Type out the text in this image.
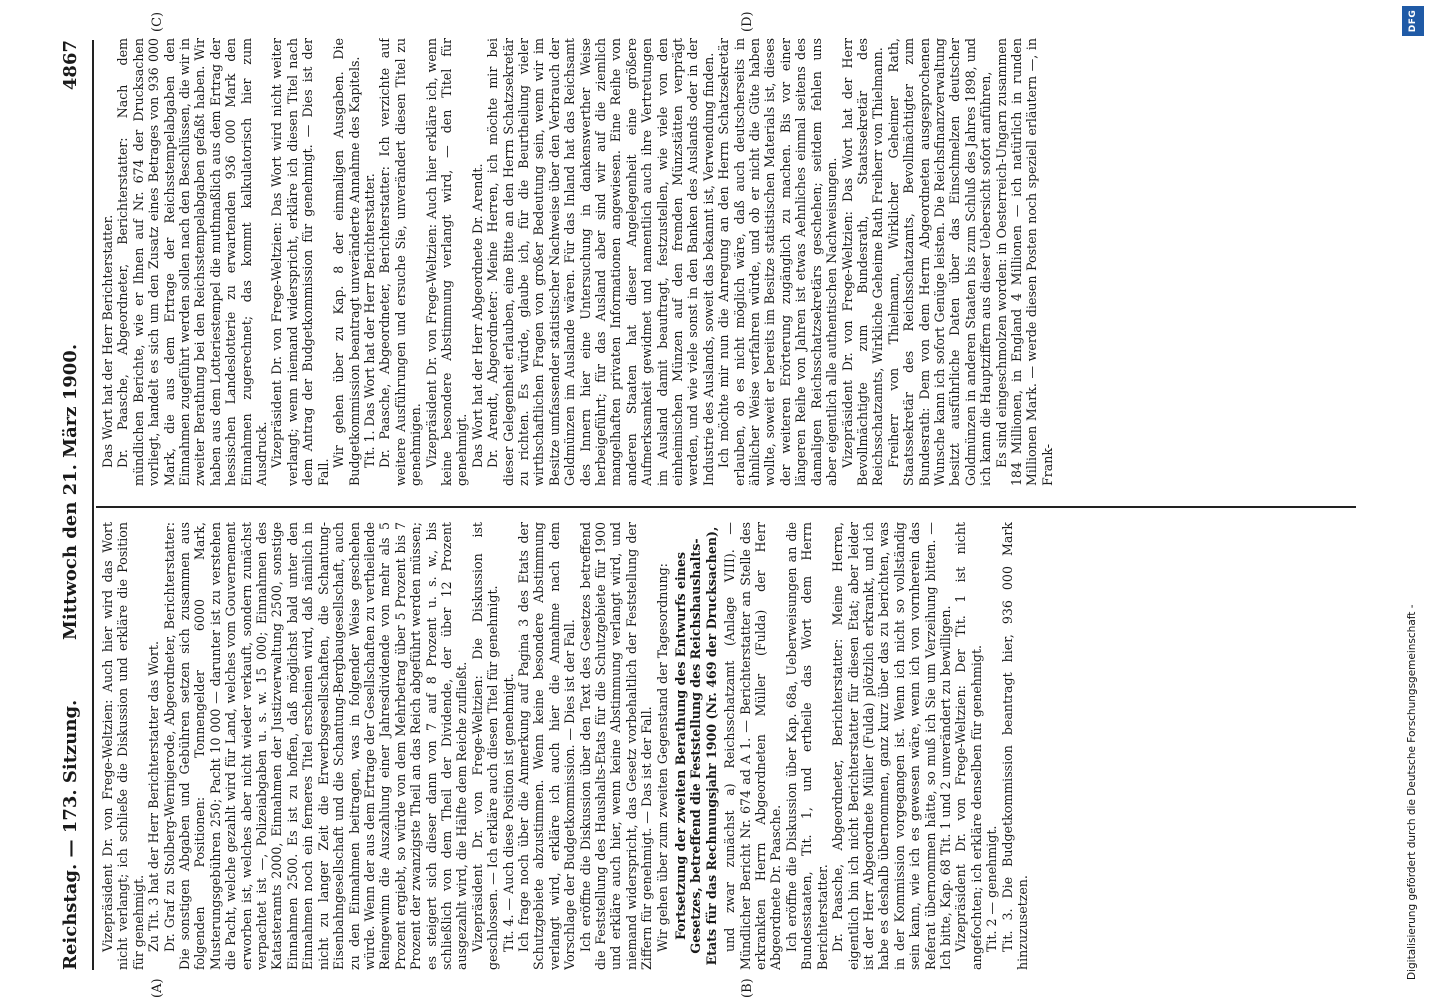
Reichstag. — 173. Sitzung.
Mittwoch den 21. März 1900.
4867
(A)	(B)
(C)	(D)

Vizepräsident Dr. von Frege-Weltzien: Auch hier wird das Wort nicht verlangt; ich schließe die Diskussion und erkläre die Position für genehmigt. Zu Tit. 3 hat der Herr Berichterstatter das Wort. Dr. Graf zu Stolberg-Wernigerode, Abgeordneter, Berichterstatter: Die sonstigen Abgaben und Gebühren setzen sich zusammen aus folgenden Positionen: Tonnengelder 6000 Mark, Musterungsgebühren 250; Pacht 10 000 — darunter ist zu verstehen die Pacht, welche gezahlt wird für Land, welches vom Gouvernement erworben ist, welches aber nicht wieder verkauft, sondern zunächst verpachtet ist —, Polizeiabgaben u. s. w. 15 000; Einnahmen des Katasteramts 2000, Einnahmen der Justizverwaltung 2500, sonstige Einnahmen 2500. Es ist zu hoffen, daß möglichst bald unter den Einnahmen noch ein ferneres Titel erscheinen wird, daß nämlich in nicht zu langer Zeit die Erwerbsgesellschaften, die Schantung-Eisenbahngesellschaft und die Schantung-Bergbaugesellschaft, auch zu den Einnahmen beitragen, was in folgender Weise geschehen würde. Wenn der aus dem Ertrage der Gesellschaften zu vertheilende Reingewinn die Auszahlung einer Jahresdividende von mehr als 5 Prozent ergiebt, so würde von dem Mehrbetrag über 5 Prozent bis 7 Prozent der zwanzigste Theil an das Reich abgeführt werden müssen; es steigert sich dieser dann von 7 auf 8 Prozent u. s. w., bis schließlich von dem Theil der Dividende, der über 12 Prozent ausgezahlt wird, die Hälfte dem Reiche zufließt. Vizepräsident Dr. von Frege-Weltzien: Die Diskussion ist geschlossen. — Ich erkläre auch diesen Titel für genehmigt. Tit. 4. — Auch diese Position ist genehmigt. Ich frage noch über die Anmerkung auf Pagina 3 des Etats der Schutzgebiete abzustimmen. Wenn keine besondere Abstimmung verlangt wird, erkläre ich auch hier die Annahme nach dem Vorschlage der Budgetkommission. — Dies ist der Fall. Ich eröffne die Diskussion über den Text des Gesetzes betreffend die Feststellung des Haushalts-Etats für die Schutzgebiete für 1900 und erkläre auch hier, wenn keine Abstimmung verlangt wird, und niemand widerspricht, das Gesetz vorbehaltlich der Feststellung der Ziffern für genehmigt. — Das ist der Fall. Wir gehen über zum zweiten Gegenstand der Tagesordnung: Fortsetzung der zweiten Berathung des Entwurfs eines Gesetzes, betreffend die Feststellung des Reichshaushalts-Etats für das Rechnungsjahr 1900 (Nr. 469 der Drucksachen), und zwar zunächst a) Reichsschatzamt (Anlage VIII). — Mündlicher Bericht Nr. 674 ad A 1. — Berichterstatter an Stelle des erkrankten Herrn Abgeordneten Müller (Fulda) der Herr Abgeordnete Dr. Paasche. Ich eröffne die Diskussion über Kap. 68a, Ueberweisungen an die Bundesstaaten, Tit. 1, und ertheile das Wort dem Herrn Berichterstatter. Dr. Paasche, Abgeordneter, Berichterstatter: Meine Herren, eigentlich bin ich nicht Berichterstatter für diesen Etat; aber leider ist der Herr Abgeordnete Müller (Fulda) plötzlich erkrankt, und ich habe es deshalb übernommen, ganz kurz über das zu berichten, was in der Kommission vorgegangen ist. Wenn ich nicht so vollständig sein kann, wie ich es gewesen wäre, wenn ich von vornherein das Referat übernommen hätte, so muß ich Sie um Verzeihung bitten. — Ich bitte, Kap. 68 Tit. 1 und 2 unverändert zu bewilligen. Vizepräsident Dr. von Frege-Weltzien: Der Tit. 1 ist nicht angefochten; ich erkläre denselben für genehmigt. Tit. 2 — genehmigt. Tit. 3. Die Budgetkommission beantragt hier, 936 000 Mark hinzuzusetzen.

Das Wort hat der Herr Berichterstatter. Dr. Paasche, Abgeordneter, Berichterstatter: Nach dem mündlichen Berichte, wie er Ihnen auf Nr. 674 der Drucksachen vorliegt, handelt es sich um den Zusatz eines Betrages von 936 000 Mark, die aus dem Ertrage der Reichsstempelabgaben den Einnahmen zugeführt werden sollen nach den Beschlüssen, die wir in zweiter Berathung bei den Reichsstempelabgaben gefaßt haben. Wir haben aus dem Lotteriestempel die muthmaßlich aus dem Ertrag der hessischen Landeslotterie zu erwartenden 936 000 Mark den Einnahmen zugerechnet; das kommt kalkulatorisch hier zum Ausdruck. Vizepräsident Dr. von Frege-Weltzien: Das Wort wird nicht weiter verlangt; wenn niemand widerspricht, erkläre ich diesen Titel nach dem Antrag der Budgetkommission für genehmigt. — Dies ist der Fall.

Wir gehen über zu Kap. 8 der einmaligen Ausgaben. Die Budgetkommission beantragt unveränderte Annahme des Kapitels. Tit. 1. Das Wort hat der Herr Berichterstatter. Dr. Paasche, Abgeordneter, Berichterstatter: Ich verzichte auf weitere Ausführungen und ersuche Sie, unverändert diesen Titel zu genehmigen. Vizepräsident Dr. von Frege-Weltzien: Auch hier erkläre ich, wenn keine besondere Abstimmung verlangt wird, — den Titel für genehmigt. Das Wort hat der Herr Abgeordnete Dr. Arendt. Dr. Arendt, Abgeordneter: Meine Herren, ich möchte mir bei dieser Gelegenheit erlauben, eine Bitte an den Herrn Schatzsekretär zu richten. Es würde, glaube ich, für die Beurtheilung vieler wirthschaftlichen Fragen von großer Bedeutung sein, wenn wir im Besitze umfassender statistischer Nachweise über den Verbrauch der Geldmünzen im Auslande wären. Für das Inland hat das Reichsamt des Innern hier eine Untersuchung in dankenswerther Weise herbeigeführt; für das Ausland aber sind wir auf die ziemlich mangelhaften privaten Informationen angewiesen. Eine Reihe von anderen Staaten hat dieser Angelegenheit eine größere Aufmerksamkeit gewidmet und namentlich auch ihre Vertretungen im Ausland damit beauftragt, festzustellen, wie viele von den einheimischen Münzen auf den fremden Münzstätten verprägt werden, und wie viele sonst in den Banken des Auslands oder in der Industrie des Auslands, soweit das bekannt ist, Verwendung finden. Ich möchte mir nun die Anregung an den Herrn Schatzsekretär erlauben, ob es nicht möglich wäre, daß auch deutscherseits in ähnlicher Weise verfahren würde, und ob er nicht die Güte haben wollte, soweit er bereits im Besitze statistischen Materials ist, dieses der weiteren Erörterung zugänglich zu machen. Bis vor einer längeren Reihe von Jahren ist etwas Aehnliches einmal seitens des damaligen Reichsschatzsekretärs geschehen; seitdem fehlen uns aber eigentlich alle authentischen Nachweisungen. Vizepräsident Dr. von Frege-Weltzien: Das Wort hat der Herr Bevollmächtigte zum Bundesrath, Staatssekretär des Reichsschatzamts, Wirkliche Geheime Rath Freiherr von Thielmann. Freiherr von Thielmann, Wirklicher Geheimer Rath, Staatssekretär des Reichsschatzamts, Bevollmächtigter zum Bundesrath: Dem von dem Herrn Abgeordneten ausgesprochenen Wunsche kann ich sofort Genüge leisten. Die Reichsfinanzverwaltung besitzt ausführliche Daten über das Einschmelzen deutscher Goldmünzen in anderen Staaten bis zum Schluß des Jahres 1898, und ich kann die Hauptziffern aus dieser Uebersicht sofort anführen, Es sind eingeschmolzen worden: in Oesterreich-Ungarn zusammen 184 Millionen, in England 4 Millionen — ich natürlich in runden Millionen Mark. — werde diesen Posten noch speziell erläutern —, in Frank-

Digitalisierung gefördert durch die Deutsche Forschungsgemeinschaft -
DFG
